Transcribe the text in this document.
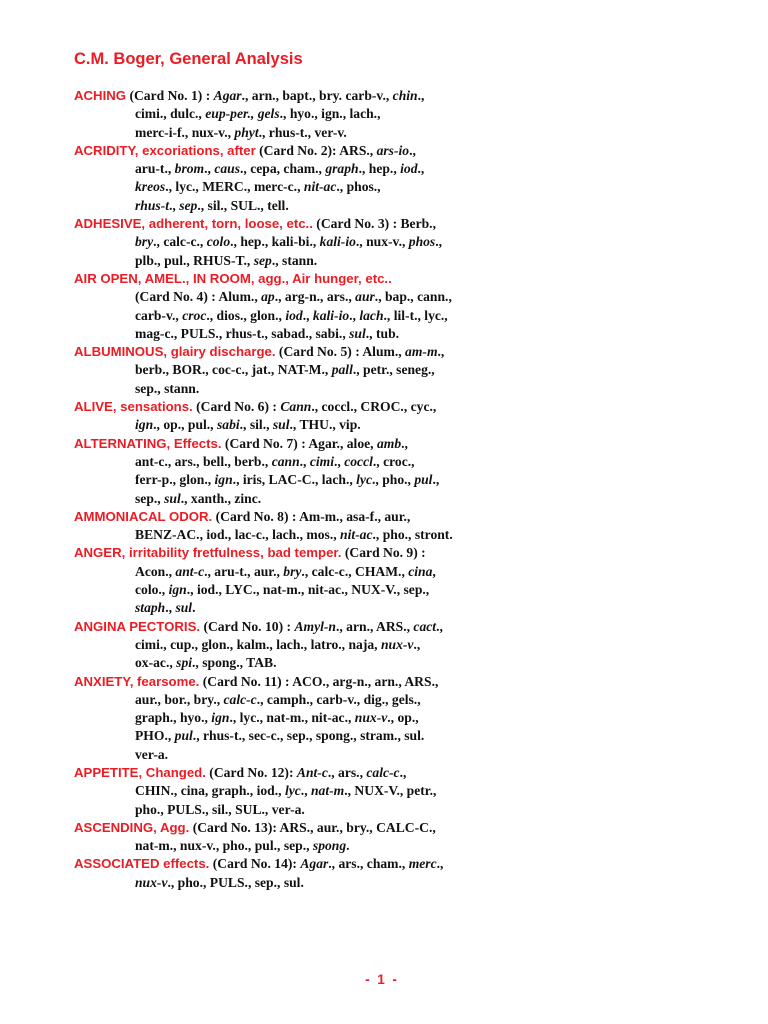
C.M. Boger, General Analysis
ACHING (Card No. 1) : Agar., arn., bapt., bry. carb-v., chin.,
cimi., dulc., eup-per., gels., hyo., ign., lach.,
merc-i-f., nux-v., phyt., rhus-t., ver-v.
ACRIDITY, excoriations, after (Card No. 2): ARS., ars-io.,
aru-t., brom., caus., cepa, cham., graph., hep., iod.,
kreos., lyc., MERC., merc-c., nit-ac., phos.,
rhus-t., sep., sil., SUL., tell.
ADHESIVE, adherent, torn, loose, etc.. (Card No. 3) : Berb.,
bry., calc-c., colo., hep., kali-bi., kali-io., nux-v., phos.,
plb., pul., RHUS-T., sep., stann.
AIR OPEN, AMEL., IN ROOM, agg., Air hunger, etc..
(Card No. 4) : Alum., ap., arg-n., ars., aur., bap., cann.,
carb-v., croc., dios., glon., iod., kali-io., lach., lil-t., lyc.,
mag-c., PULS., rhus-t., sabad., sabi., sul., tub.
ALBUMINOUS, glairy discharge. (Card No. 5) : Alum., am-m.,
berb., BOR., coc-c., jat., NAT-M., pall., petr., seneg.,
sep., stann.
ALIVE, sensations. (Card No. 6) : Cann., coccl., CROC., cyc.,
ign., op., pul., sabi., sil., sul., THU., vip.
ALTERNATING, Effects. (Card No. 7) : Agar., aloe, amb.,
ant-c., ars., bell., berb., cann., cimi., coccl., croc.,
ferr-p., glon., ign., iris, LAC-C., lach., lyc., pho., pul.,
sep., sul., xanth., zinc.
AMMONIACAL ODOR. (Card No. 8) : Am-m., asa-f., aur.,
BENZ-AC., iod., lac-c., lach., mos., nit-ac., pho., stront.
ANGER, irritability fretfulness, bad temper. (Card No. 9) :
Acon., ant-c., aru-t., aur., bry., calc-c., CHAM., cina,
colo., ign., iod., LYC., nat-m., nit-ac., NUX-V., sep.,
staph., sul.
ANGINA PECTORIS. (Card No. 10) : Amyl-n., arn., ARS., cact.,
cimi., cup., glon., kalm., lach., latro., naja, nux-v.,
ox-ac., spi., spong., TAB.
ANXIETY, fearsome. (Card No. 11) : ACO., arg-n., arn., ARS.,
aur., bor., bry., calc-c., camph., carb-v., dig., gels.,
graph., hyo., ign., lyc., nat-m., nit-ac., nux-v., op.,
PHO., pul., rhus-t., sec-c., sep., spong., stram., sul.
ver-a.
APPETITE, Changed. (Card No. 12): Ant-c., ars., calc-c.,
CHIN., cina, graph., iod., lyc., nat-m., NUX-V., petr.,
pho., PULS., sil., SUL., ver-a.
ASCENDING, Agg. (Card No. 13): ARS., aur., bry., CALC-C.,
nat-m., nux-v., pho., pul., sep., spong.
ASSOCIATED effects. (Card No. 14): Agar., ars., cham., merc.,
nux-v., pho., PULS., sep., sul.
-  1  -
